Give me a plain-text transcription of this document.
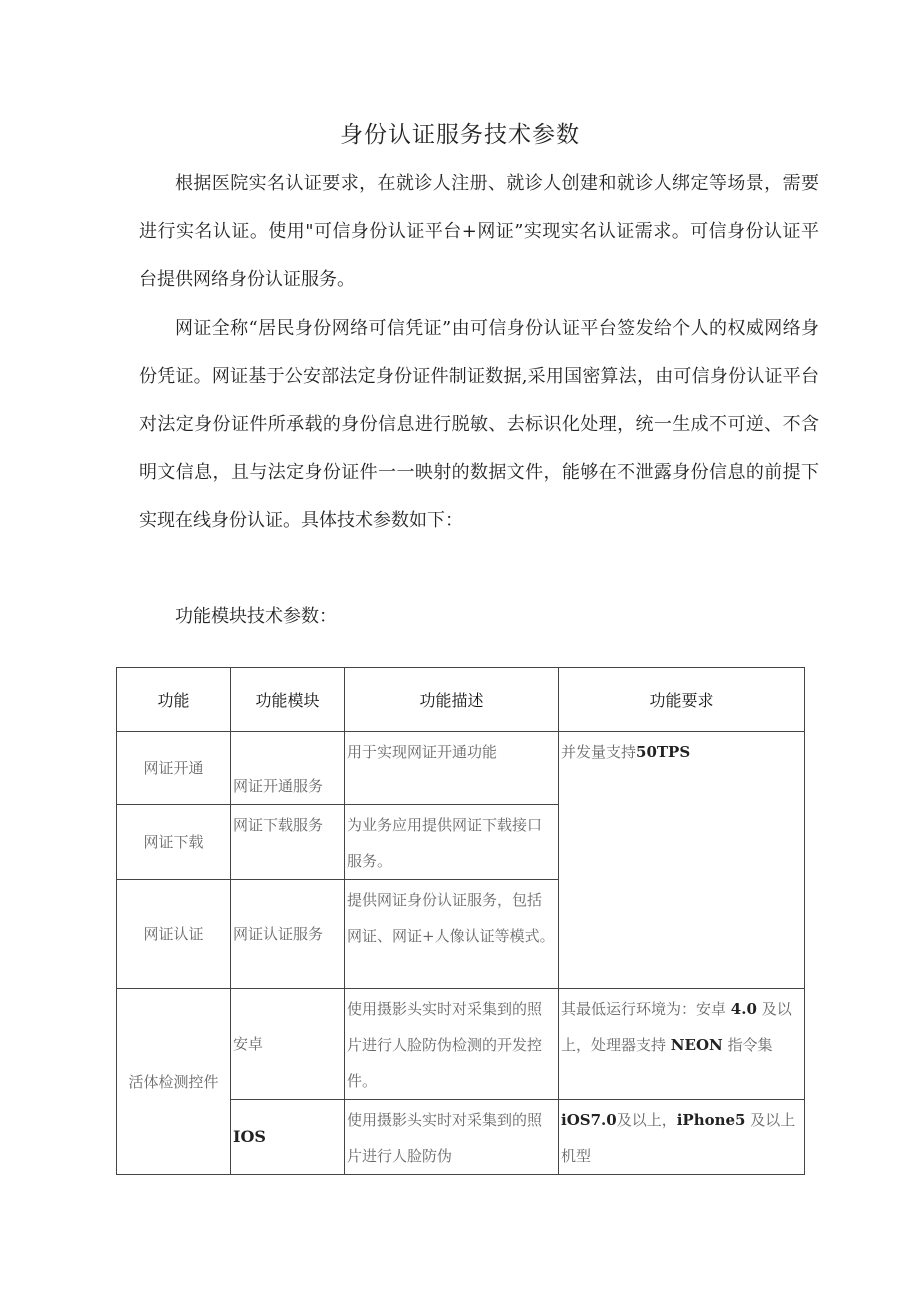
身份认证服务技术参数

根据医院实名认证要求，在就诊人注册、就诊人创建和就诊人绑定等场景，需要进行实名认证。使用"可信身份认证平台+网证”实现实名认证需求。可信身份认证平台提供网络身份认证服务。

网证全称“居民身份网络可信凭证”由可信身份认证平台签发给个人的权威网络身份凭证。网证基于公安部法定身份证件制证数据,采用国密算法，由可信身份认证平台对法定身份证件所承载的身份信息进行脱敏、去标识化处理，统一生成不可逆、不含明文信息，且与法定身份证件一一映射的数据文件，能够在不泄露身份信息的前提下实现在线身份认证。具体技术参数如下：

功能模块技术参数：

功能	功能模块	功能描述	功能要求
网证开通	网证开通服务	用于实现网证开通功能	并发量支持50TPS
网证下载	网证下载服务	为业务应用提供网证下载接口服务。	
网证认证	网证认证服务	提供网证身份认证服务，包括网证、网证+人像认证等模式。	
活体检测控件	安卓	使用摄影头实时对采集到的照片进行人脸防伪检测的开发控件。	其最低运行环境为：安卓 4.0 及以上，处理器支持 NEON 指令集
	IOS	使用摄影头实时对采集到的照片进行人脸防伪	iOS7.0及以上，iPhone5 及以上机型
